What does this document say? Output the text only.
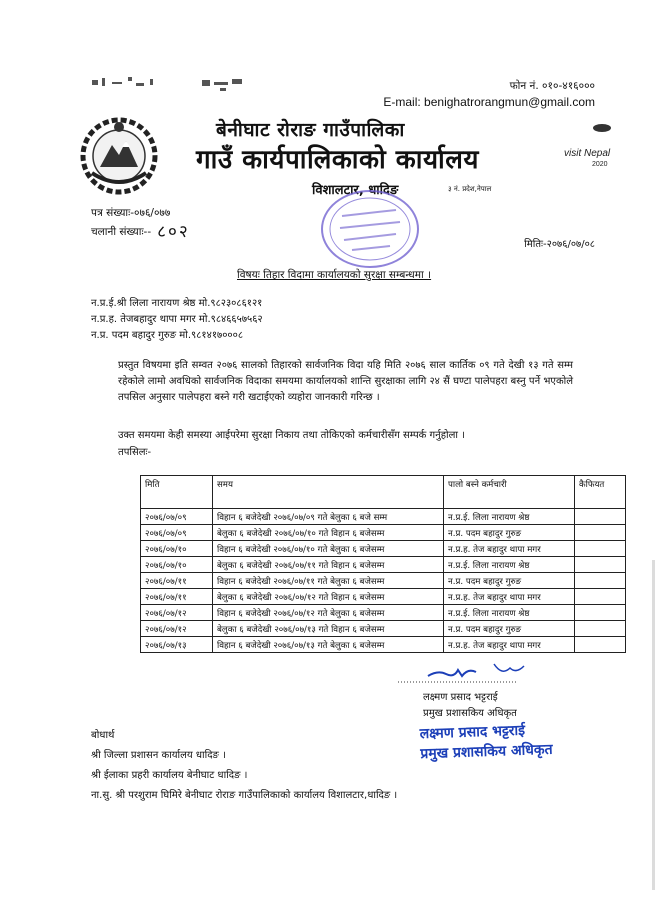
फोन नं. ०१०-४१६०००
E-mail: benighatrorangmun@gmail.com
बेनीघाट रोराङ गाउँपालिका
गाउँ कार्यपालिकाको कार्यालय
विशालटार, धादिङ	३ नं. प्रदेश,नेपाल
visit Nepal
2020
पत्र संख्याः-०७६/०७७
चलानी संख्याः-- ८०२
मितिः-२०७६/०७/०८
विषयः तिहार विदामा कार्यालयको सुरक्षा सम्बन्धमा ।
न.प्र.ई.श्री लिला नारायण श्रेष्ठ मो.९८२३०८६१२१
न.प्र.ह. तेजबहादुर थापा मगर मो.९८४६६५७५६२
न.प्र. पदम बहादुर गुरुङ मो.९८१४१७०००८
प्रस्तुत विषयमा इति सम्वत २०७६ सालको तिहारको सार्वजनिक विदा यहि मिति २०७६ साल कार्तिक ०९ गते देखी १३ गते सम्म रहेकोले लामो अवधिको सार्वजनिक विदाका समयमा कार्यालयको शान्ति सुरक्षाका लागि २४ सैं घण्टा पालेपहरा बस्नु पर्ने भएकोले तपसिल अनुसार पालेपहरा बस्ने गरी खटाईएको व्यहोरा जानकारी गरिन्छ ।
उक्त समयमा केही समस्या आईपरेमा सुरक्षा निकाय तथा तोकिएको कर्मचारीसँग सम्पर्क गर्नुहोला ।
तपसिलः-
मिति	समय	पालो बस्ने कर्मचारी	कैफियत
२०७६/०७/०९	विहान ६ बजेदेखी २०७६/०७/०९ गते बेलुका ६ बजे सम्म	न.प्र.ई. लिला नारायण श्रेष्ठ	
२०७६/०७/०९	बेलुका ६ बजेदेखी २०७६/०७/१० गते विहान ६ बजेसम्म	न.प्र. पदम बहादुर गुरुङ	
२०७६/०७/१०	विहान ६ बजेदेखी २०७६/०७/१० गते बेलुका ६ बजेसम्म	न.प्र.ह. तेज बहादुर थापा मगर	
२०७६/०७/१०	बेलुका ६ बजेदेखी २०७६/०७/११ गते विहान ६ बजेसम्म	न.प्र.ई. लिला नारायण श्रेष्ठ	
२०७६/०७/११	विहान ६ बजेदेखी २०७६/०७/११ गते बेलुका ६ बजेसम्म	न.प्र. पदम बहादुर गुरुङ	
२०७६/०७/११	बेलुका ६ बजेदेखी २०७६/०७/१२ गते विहान ६ बजेसम्म	न.प्र.ह. तेज बहादुर थापा मगर	
२०७६/०७/१२	विहान ६ बजेदेखी २०७६/०७/१२ गते बेलुका ६ बजेसम्म	न.प्र.ई. लिला नारायण श्रेष्ठ	
२०७६/०७/१२	बेलुका ६ बजेदेखी २०७६/०७/१३ गते विहान ६ बजेसम्म	न.प्र. पदम बहादुर गुरुङ	
२०७६/०७/१३	विहान ६ बजेदेखी २०७६/०७/१३ गते बेलुका ६ बजेसम्म	न.प्र.ह. तेज बहादुर थापा मगर	
लक्ष्मण प्रसाद भट्टराई
प्रमुख प्रशासकिय अधिकृत
लक्ष्मण प्रसाद भट्टराई
प्रमुख प्रशासकिय अधिकृत
बोधार्थ
श्री जिल्ला प्रशासन कार्यालय धादिङ ।
श्री ईलाका प्रहरी कार्यालय बेनीघाट धादिङ ।
ना.सु. श्री परशुराम घिमिरे बेनीघाट रोराङ गाउँपालिकाको कार्यालय विशालटार,धादिङ ।
